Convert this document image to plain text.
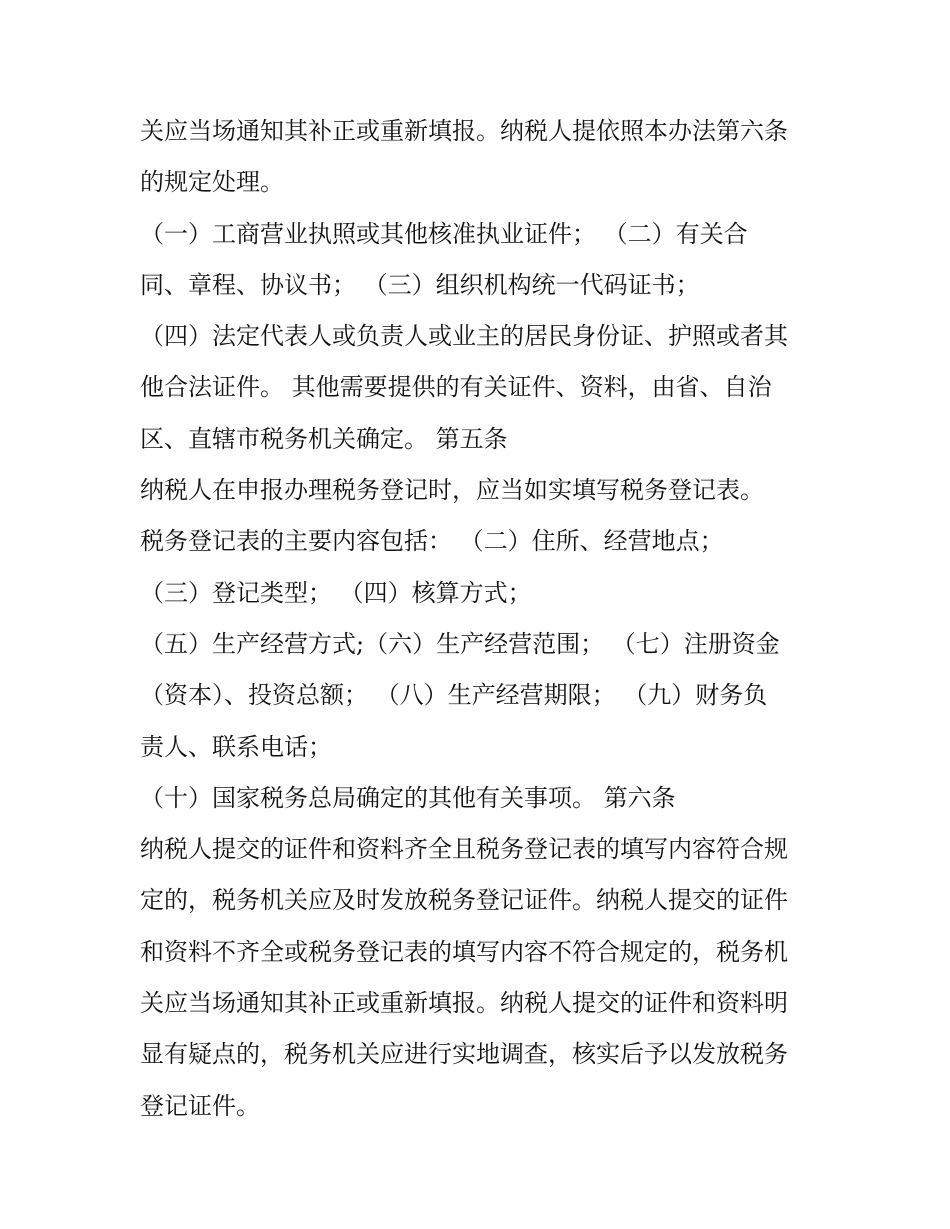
关应当场通知其补正或重新填报。纳税人提依照本办法第六条
的规定处理。
（一）工商营业执照或其他核准执业证件； （二）有关合
同、章程、协议书； （三）组织机构统一代码证书；
（四）法定代表人或负责人或业主的居民身份证、护照或者其
他合法证件。 其他需要提供的有关证件、资料，由省、自治
区、直辖市税务机关确定。 第五条
纳税人在申报办理税务登记时，应当如实填写税务登记表。
税务登记表的主要内容包括： （二）住所、经营地点；
（三）登记类型； （四）核算方式；
（五）生产经营方式;（六）生产经营范围； （七）注册资金
（资本）、投资总额； （八）生产经营期限； （九）财务负
责人、联系电话；
（十）国家税务总局确定的其他有关事项。 第六条
纳税人提交的证件和资料齐全且税务登记表的填写内容符合规
定的，税务机关应及时发放税务登记证件。纳税人提交的证件
和资料不齐全或税务登记表的填写内容不符合规定的，税务机
关应当场通知其补正或重新填报。纳税人提交的证件和资料明
显有疑点的，税务机关应进行实地调查，核实后予以发放税务
登记证件。
